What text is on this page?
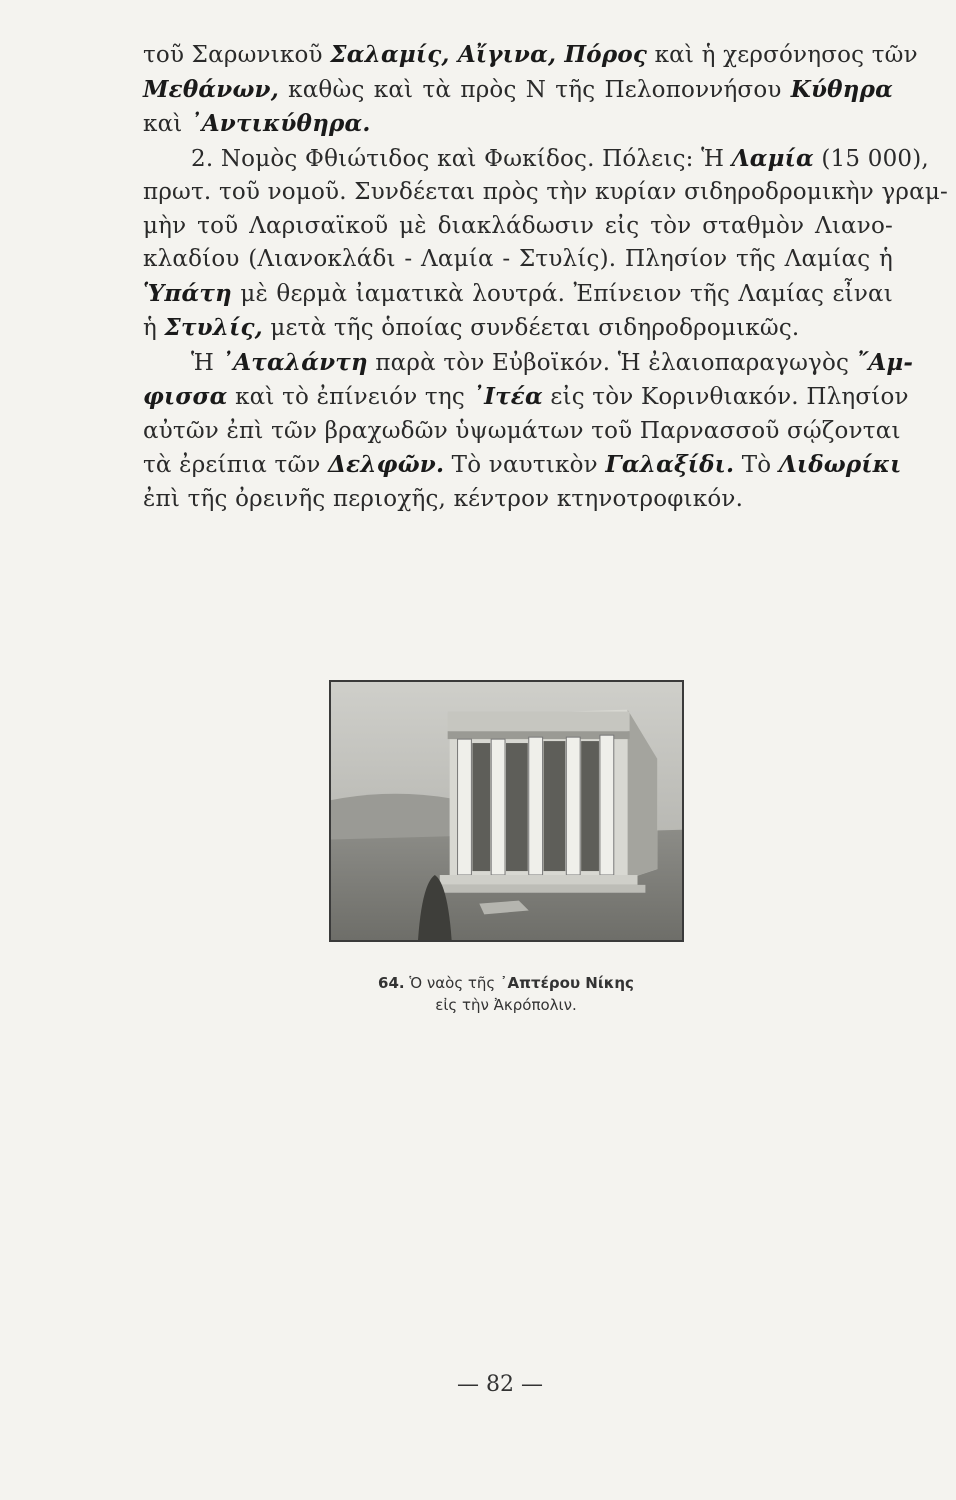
τοῦ Σαρωνικοῦ Σαλαμίς, Αἴγινα, Πόρος καὶ ἡ χερσόνησος τῶν
Μεθάνων, καθὼς καὶ τὰ πρὸς Ν τῆς Πελοποννήσου Κύθηρα
καὶ ᾿Αντικύθηρα.
2. Νομὸς Φθιώτιδος καὶ Φωκίδος. Πόλεις: Ἡ Λαμία (15 000),
πρωτ. τοῦ νομοῦ. Συνδέεται πρὸς τὴν κυρίαν σιδηροδρομικὴν γραμ-
μὴν τοῦ Λαρισαϊκοῦ μὲ διακλάδωσιν εἰς τὸν σταθμὸν Λιανο-
κλαδίου (Λιανοκλάδι - Λαμία - Στυλίς). Πλησίον τῆς Λαμίας ἡ
Ὑπάτη μὲ θερμὰ ἰαματικὰ λουτρά. Ἐπίνειον τῆς Λαμίας εἶναι
ἡ Στυλίς, μετὰ τῆς ὁποίας συνδέεται σιδηροδρομικῶς.
Ἡ ᾿Αταλάντη παρὰ τὸν Εὐβοϊκόν. Ἡ ἐλαιοπαραγωγὸς ῎Αμ-
φισσα καὶ τὸ ἐπίνειόν της ᾿Ιτέα εἰς τὸν Κορινθιακόν. Πλησίον
αὐτῶν ἐπὶ τῶν βραχωδῶν ὑψωμάτων τοῦ Παρνασσοῦ σῴζονται
τὰ ἐρείπια τῶν Δελφῶν. Τὸ ναυτικὸν Γαλαξίδι. Τὸ Λιδωρίκι
ἐπὶ τῆς ὀρεινῆς περιοχῆς, κέντρον κτηνοτροφικόν.
64. Ὁ ναὸς τῆς ᾿Απτέρου Νίκης
εἰς τὴν Ἀκρόπολιν.
— 82 —
